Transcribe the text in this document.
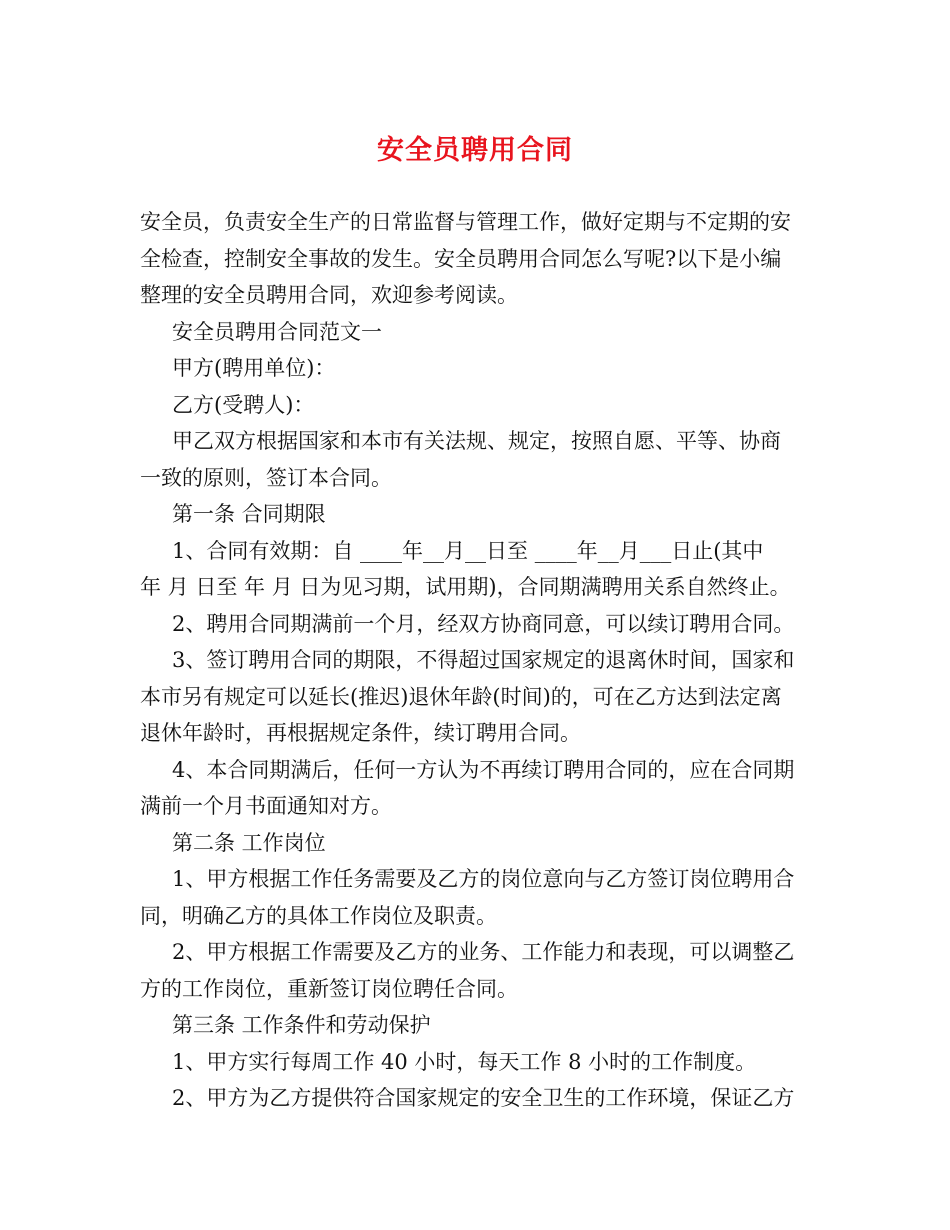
安全员聘用合同
安全员，负责安全生产的日常监督与管理工作，做好定期与不定期的安
全检查，控制安全事故的发生。安全员聘用合同怎么写呢?以下是小编
整理的安全员聘用合同，欢迎参考阅读。
安全员聘用合同范文一
甲方(聘用单位)：
乙方(受聘人)：
甲乙双方根据国家和本市有关法规、规定，按照自愿、平等、协商
一致的原则，签订本合同。
第一条 合同期限
1、合同有效期：自 ____年__月__日至 ____年__月___日止(其中
年 月 日至 年 月 日为见习期，试用期)，合同期满聘用关系自然终止。
2、聘用合同期满前一个月，经双方协商同意，可以续订聘用合同。
3、签订聘用合同的期限，不得超过国家规定的退离休时间，国家和
本市另有规定可以延长(推迟)退休年龄(时间)的，可在乙方达到法定离
退休年龄时，再根据规定条件，续订聘用合同。
4、本合同期满后，任何一方认为不再续订聘用合同的，应在合同期
满前一个月书面通知对方。
第二条 工作岗位
1、甲方根据工作任务需要及乙方的岗位意向与乙方签订岗位聘用合
同，明确乙方的具体工作岗位及职责。
2、甲方根据工作需要及乙方的业务、工作能力和表现，可以调整乙
方的工作岗位，重新签订岗位聘任合同。
第三条 工作条件和劳动保护
1、甲方实行每周工作 40 小时，每天工作 8 小时的工作制度。
2、甲方为乙方提供符合国家规定的安全卫生的工作环境，保证乙方
